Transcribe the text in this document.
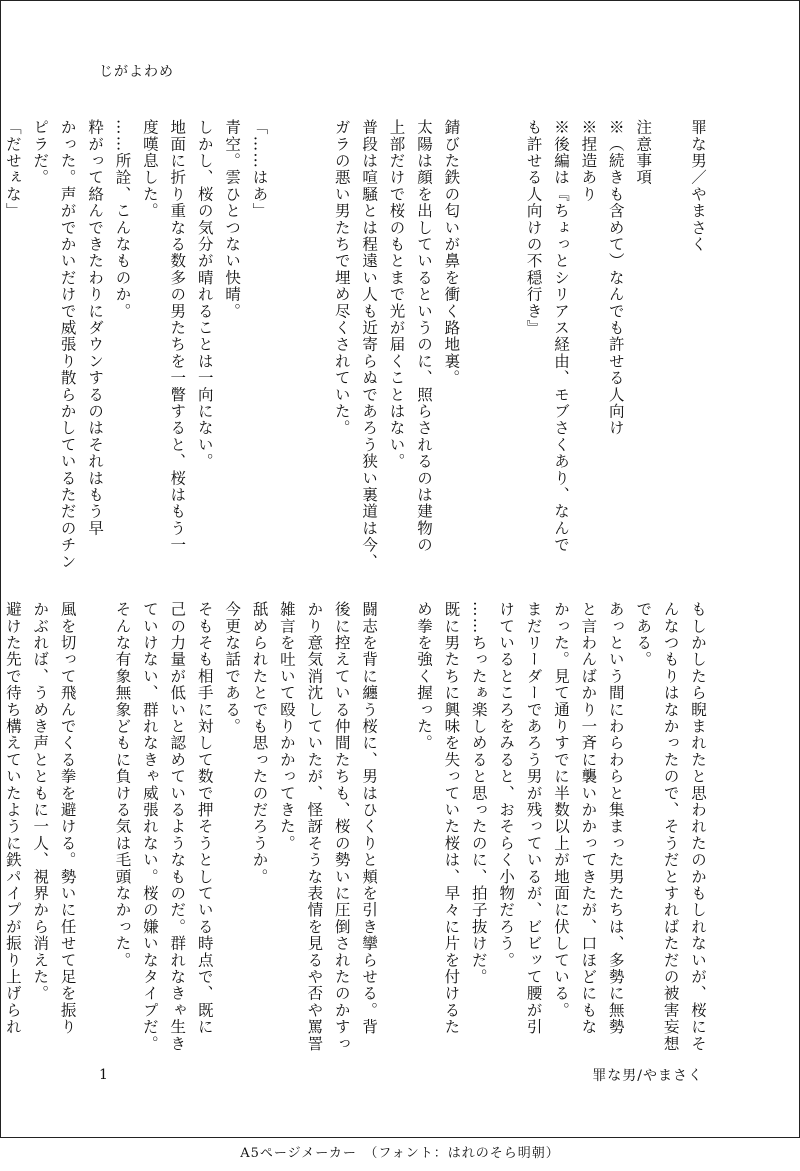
じがよわめ

罪な男／やまさく

注意事項

※（続きも含めて）なんでも許せる人向け

※捏造あり

※後編は『ちょっとシリアス経由、モブさくあり、なんで

も許せる人向けの不穏行き』

錆びた鉄の匂いが鼻を衝く路地裏。

太陽は顔を出しているというのに、照らされるのは建物の

上部だけで桜のもとまで光が届くことはない。

普段は喧騒とは程遠い人も近寄らぬであろう狭い裏道は今、

ガラの悪い男たちで埋め尽くされていた。

「……はあ」

青空。雲ひとつない快晴。

しかし、桜の気分が晴れることは一向にない。

地面に折り重なる数多の男たちを一瞥すると、桜はもう一

度嘆息した。

……所詮、こんなものか。

粋がって絡んできたわりにダウンするのはそれはもう早

かった。声がでかいだけで威張り散らかしているただのチン

ピラだ。

「だせぇな」

もしかしたら睨まれたと思われたのかもしれないが、桜にそ

んなつもりはなかったので、そうだとすればただの被害妄想

である。

あっという間にわらわらと集まった男たちは、多勢に無勢

と言わんばかり一斉に襲いかかってきたが、口ほどにもな

かった。見て通りすでに半数以上が地面に伏している。

まだリーダーであろう男が残っているが、ビビッて腰が引

けているところをみると、おそらく小物だろう。

……ちったぁ楽しめると思ったのに、拍子抜けだ。

既に男たちに興味を失っていた桜は、早々に片を付けるた

め拳を強く握った。

闘志を背に纏う桜に、男はひくりと頬を引き攣らせる。背

後に控えている仲間たちも、桜の勢いに圧倒されたのかすっ

かり意気消沈していたが、怪訝そうな表情を見るや否や罵詈

雑言を吐いて殴りかかってきた。

舐められたとでも思ったのだろうか。

今更な話である。

そもそも相手に対して数で押そうとしている時点で、既に

己の力量が低いと認めているようなものだ。群れなきゃ生き

ていけない、群れなきゃ威張れない。桜の嫌いなタイプだ。

そんな有象無象どもに負ける気は毛頭なかった。

風を切って飛んでくる拳を避ける。勢いに任せて足を振り

かぶれば、うめき声とともに一人、視界から消えた。

避けた先で待ち構えていたように鉄パイプが振り上げられ

1	罪な男/やまさく
A5ページメーカー　（フォント：はれのそら明朝）
